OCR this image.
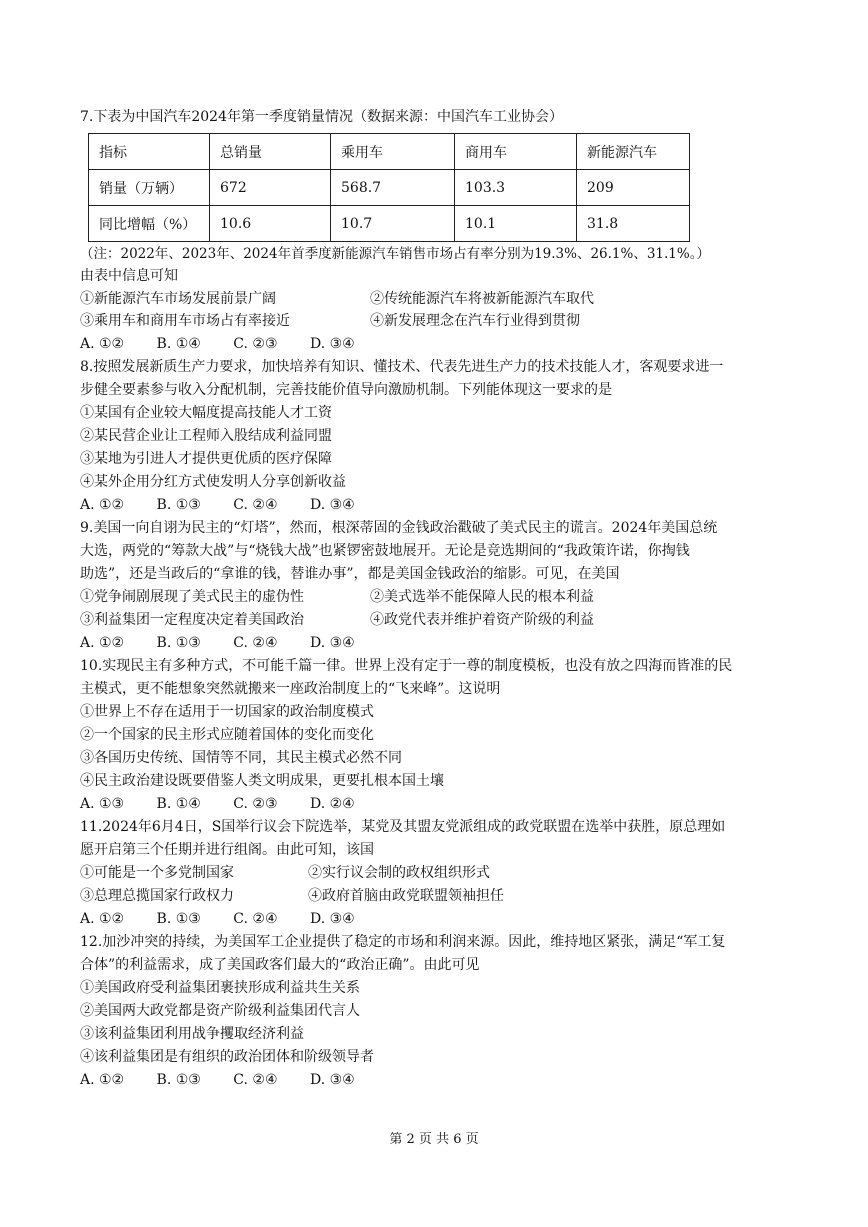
7.下表为中国汽车2024年第一季度销量情况（数据来源：中国汽车工业协会）
指标	总销量	乘用车	商用车	新能源汽车
销量（万辆）	672	568.7	103.3	209
同比增幅（%）	10.6	10.7	10.1	31.8
（注：2022年、2023年、2024年首季度新能源汽车销售市场占有率分别为19.3%、26.1%、31.1%。）
由表中信息可知
①新能源汽车市场发展前景广阔	②传统能源汽车将被新能源汽车取代
③乘用车和商用车市场占有率接近	④新发展理念在汽车行业得到贯彻
A. ①②　　 B. ①④　　 C. ②③　　 D. ③④
8.按照发展新质生产力要求，加快培养有知识、懂技术、代表先进生产力的技术技能人才，客观要求进一
步健全要素参与收入分配机制，完善技能价值导向激励机制。下列能体现这一要求的是
①某国有企业较大幅度提高技能人才工资
②某民营企业让工程师入股结成利益同盟
③某地为引进人才提供更优质的医疗保障
④某外企用分红方式使发明人分享创新收益
A. ①②　　 B. ①③　　 C. ②④　　 D. ③④
9.美国一向自诩为民主的“灯塔”，然而，根深蒂固的金钱政治戳破了美式民主的谎言。2024年美国总统
大选，两党的“筹款大战”与“烧钱大战”也紧锣密鼓地展开。无论是竞选期间的“我政策许诺，你掏钱
助选”，还是当政后的“拿谁的钱，替谁办事”，都是美国金钱政治的缩影。可见，在美国
①党争闹剧展现了美式民主的虚伪性	②美式选举不能保障人民的根本利益
③利益集团一定程度决定着美国政治	④政党代表并维护着资产阶级的利益
A. ①②　　 B. ①③　　 C. ②④　　 D. ③④
10.实现民主有多种方式，不可能千篇一律。世界上没有定于一尊的制度模板，也没有放之四海而皆准的民
主模式，更不能想象突然就搬来一座政治制度上的“飞来峰”。这说明
①世界上不存在适用于一切国家的政治制度模式
②一个国家的民主形式应随着国体的变化而变化
③各国历史传统、国情等不同，其民主模式必然不同
④民主政治建设既要借鉴人类文明成果，更要扎根本国土壤
A. ①③　　 B. ①④　　 C. ②③　　 D. ②④
11.2024年6月4日，S国举行议会下院选举，某党及其盟友党派组成的政党联盟在选举中获胜，原总理如
愿开启第三个任期并进行组阁。由此可知，该国
①可能是一个多党制国家	②实行议会制的政权组织形式
③总理总揽国家行政权力	④政府首脑由政党联盟领袖担任
A. ①②　　 B. ①③　　 C. ②④　　 D. ③④
12.加沙冲突的持续，为美国军工企业提供了稳定的市场和利润来源。因此，维持地区紧张，满足“军工复
合体”的利益需求，成了美国政客们最大的“政治正确”。由此可见
①美国政府受利益集团裹挟形成利益共生关系
②美国两大政党都是资产阶级利益集团代言人
③该利益集团利用战争攫取经济利益
④该利益集团是有组织的政治团体和阶级领导者
A. ①②　　 B. ①③　　 C. ②④　　 D. ③④
第 2 页 共 6 页
